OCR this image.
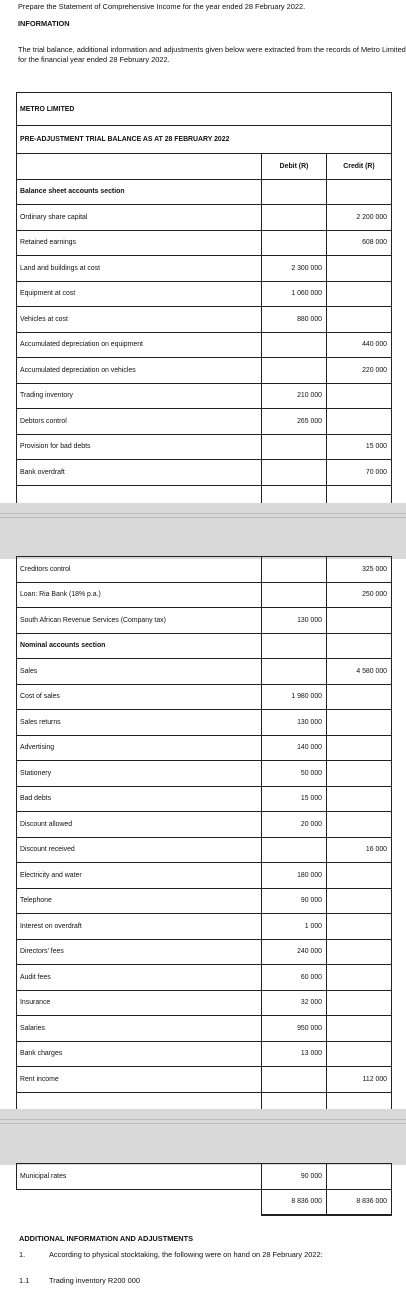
Prepare the Statement of Comprehensive Income for the year ended 28 February 2022.
INFORMATION
The trial balance, additional information and adjustments given below were extracted from the records of Metro Limited
for the financial year ended 28 February 2022.
METRO LIMITED		
PRE-ADJUSTMENT TRIAL BALANCE AS AT 28 FEBRUARY 2022		
	Debit (R)	Credit (R)
Balance sheet accounts section		
Ordinary share capital		2 200 000
Retained earnings		608 000
Land and buildings at cost	2 300 000	
Equipment at cost	1 060 000	
Vehicles at cost	880 000	
Accumulated depreciation on equipment		440 000
Accumulated depreciation on vehicles		220 000
Trading inventory	210 000	
Debtors control	265 000	
Provision for bad debts		15 000
Bank overdraft		70 000

Creditors control		325 000
Loan: Ria Bank (18% p.a.)		250 000
South African Revenue Services (Company tax)	130 000	
Nominal accounts section		
Sales		4 580 000
Cost of sales	1 980 000	
Sales returns	130 000	
Advertising	140 000	
Stationery	50 000	
Bad debts	15 000	
Discount allowed	20 000	
Discount received		16 000
Electricity and water	180 000	
Telephone	90 000	
Interest on overdraft	1 000	
Directors' fees	240 000	
Audit fees	60 000	
Insurance	32 000	
Salaries	950 000	
Bank charges	13 000	
Rent income		112 000

Municipal rates	90 000	
	8 836 000	8 836 000
ADDITIONAL INFORMATION AND ADJUSTMENTS
1.	According to physical stocktaking, the following were on hand on 28 February 2022:
1.1	Trading inventory R200 000
